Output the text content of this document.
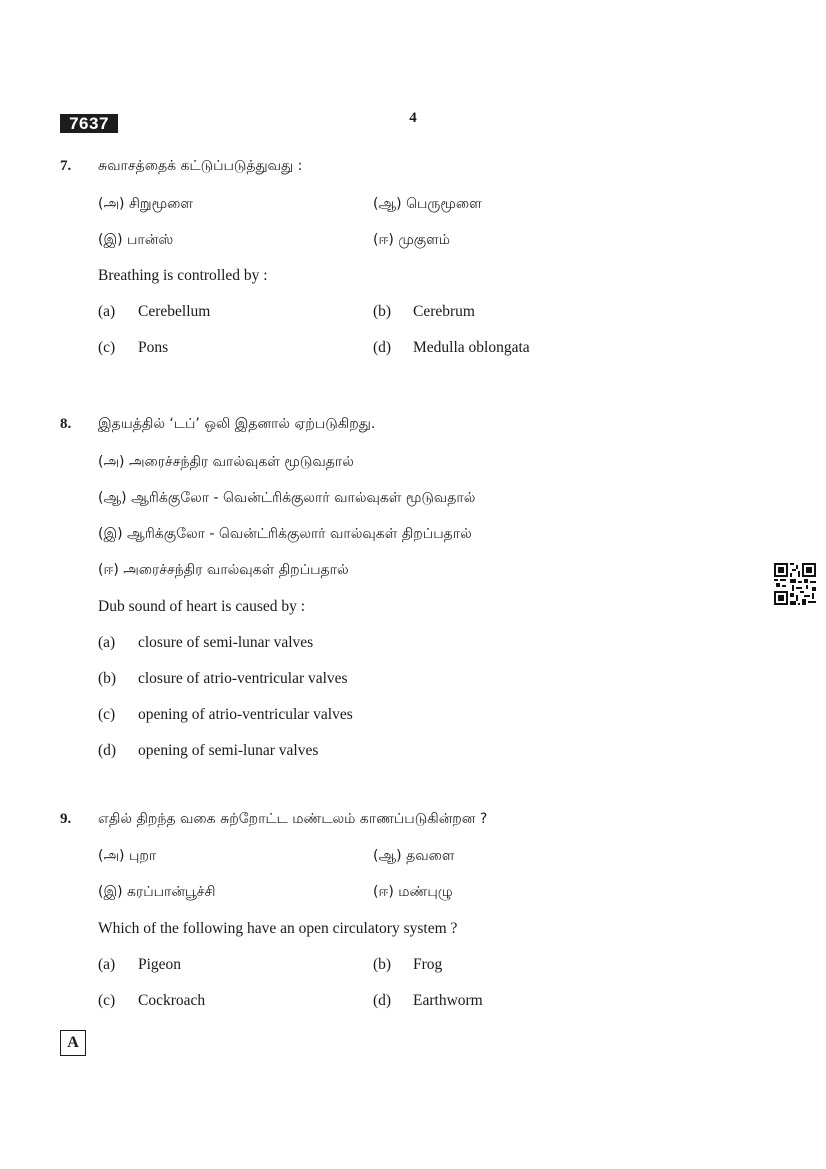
7637	4
7. சுவாசத்தைக் கட்டுப்படுத்துவது :
(அ) சிறுமூளை	(ஆ) பெருமூளை
(இ) பான்ஸ்	(ஈ) முகுளம்
Breathing is controlled by :
(a) Cerebellum	(b) Cerebrum
(c) Pons	(d) Medulla oblongata
8. இதயத்தில் ‘டப்’ ஒலி இதனால் ஏற்படுகிறது.
(அ) அரைச்சந்திர வால்வுகள் மூடுவதால்
(ஆ) ஆரிக்குலோ - வென்ட்ரிக்குலார் வால்வுகள் மூடுவதால்
(இ) ஆரிக்குலோ - வென்ட்ரிக்குலார் வால்வுகள் திறப்பதால்
(ஈ) அரைச்சந்திர வால்வுகள் திறப்பதால்
Dub sound of heart is caused by :
(a) closure of semi-lunar valves
(b) closure of atrio-ventricular valves
(c) opening of atrio-ventricular valves
(d) opening of semi-lunar valves
9. எதில் திறந்த வகை சுற்றோட்ட மண்டலம் காணப்படுகின்றன ?
(அ) புறா	(ஆ) தவளை
(இ) கரப்பான்பூச்சி	(ஈ) மண்புழு
Which of the following have an open circulatory system ?
(a) Pigeon	(b) Frog
(c) Cockroach	(d) Earthworm
A
